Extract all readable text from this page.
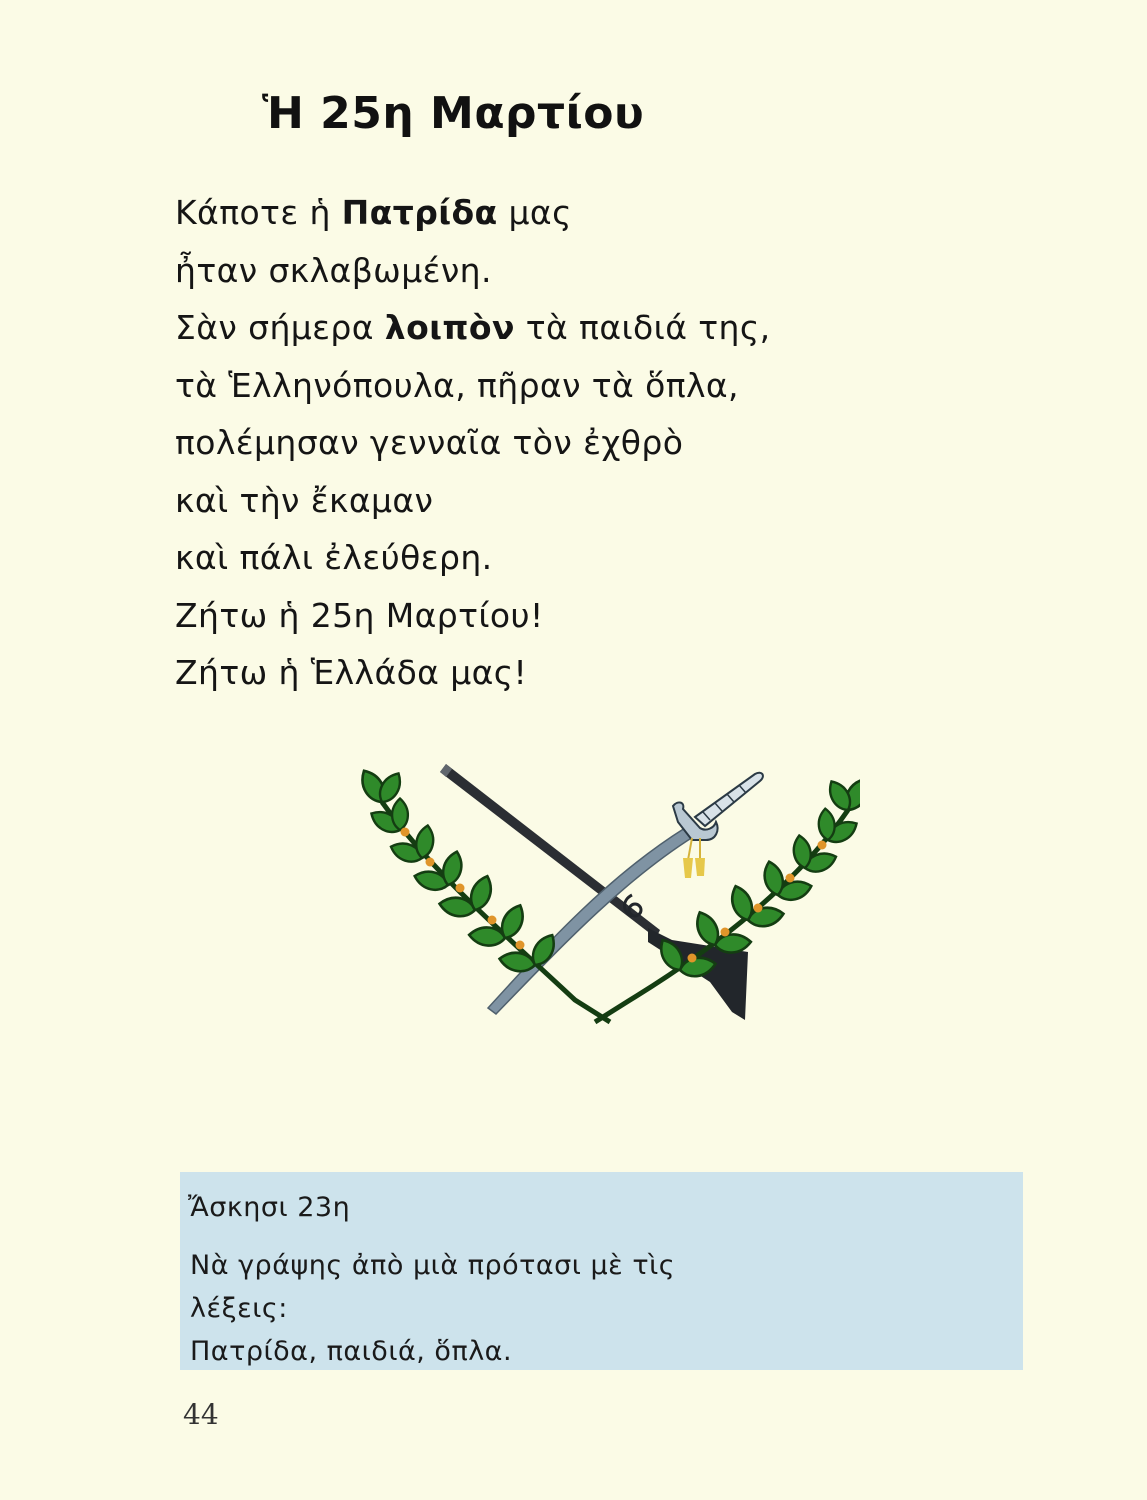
Ἡ 25η Μαρτίου
Κάποτε ἡ Πατρίδα μας
ἦταν σκλαβωμένη.
Σὰν σήμερα λοιπὸν τὰ παιδιά της,
τὰ Ἑλληνόπουλα, πῆραν τὰ ὅπλα,
πολέμησαν γενναῖα τὸν ἐχθρὸ
καὶ τὴν ἔκαμαν
καὶ πάλι ἐλεύθερη.
Ζήτω ἡ 25η Μαρτίου!
Ζήτω ἡ Ἑλλάδα μας!
Ἄσκησι 23η
Νὰ γράψης ἀπὸ μιὰ πρότασι μὲ τὶς
λέξεις:
Πατρίδα, παιδιά, ὅπλα.
44
